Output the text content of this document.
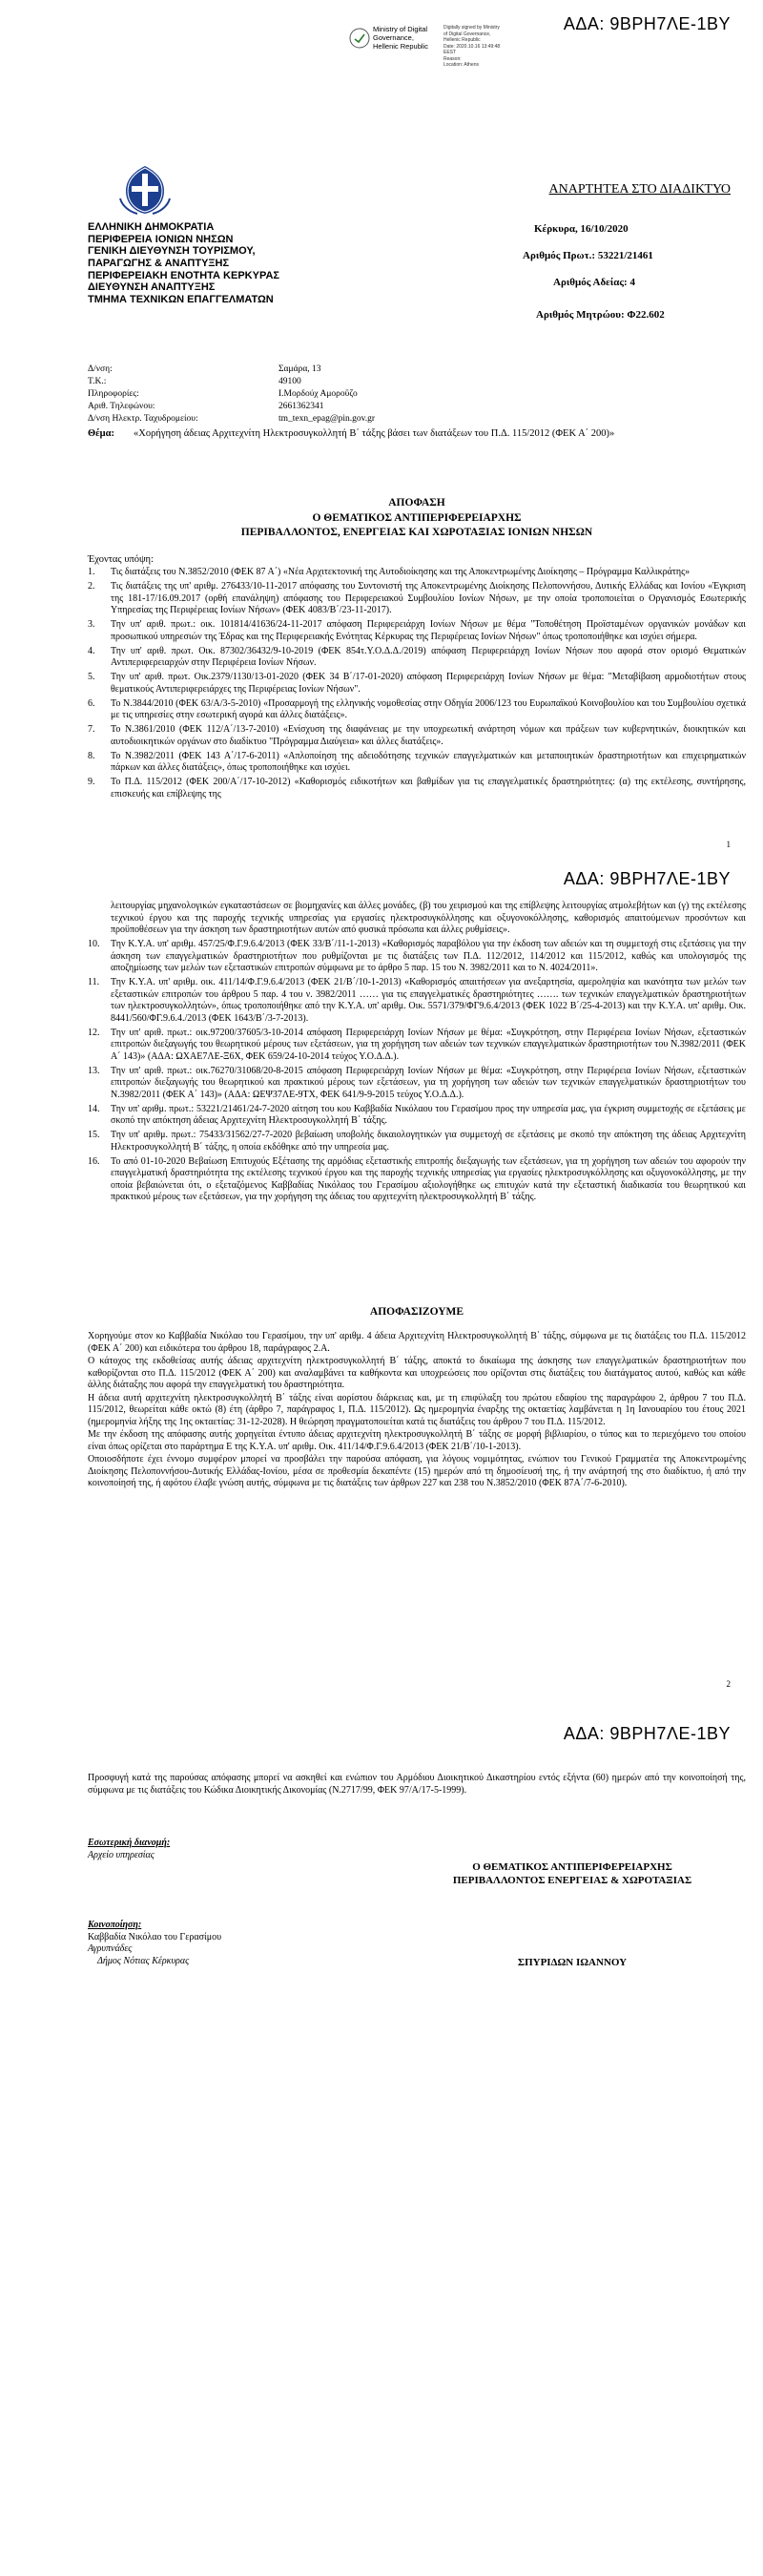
ΑΔΑ: 9ΒΡΗ7ΛΕ-1ΒΥ
Ministry of Digital
Governance,
Hellenic Republic
Digitally signed by Ministry
of Digital Governance,
Hellenic Republic
Date: 2020.10.16 13:49:48
EEST
Reason:
Location: Athens
ΑΝΑΡΤΗΤΕΑ ΣΤΟ ΔΙΑΔΙΚΤΥΟ
ΕΛΛΗΝΙΚΗ ΔΗΜΟΚΡΑΤΙΑ
ΠΕΡΙΦΕΡΕΙΑ ΙΟΝΙΩΝ ΝΗΣΩΝ
ΓΕΝΙΚΗ ΔΙΕΥΘΥΝΣΗ ΤΟΥΡΙΣΜΟΥ,
ΠΑΡΑΓΩΓΗΣ & ΑΝΑΠΤΥΞΗΣ
ΠΕΡΙΦΕΡΕΙΑΚΗ ΕΝΟΤΗΤΑ ΚΕΡΚΥΡΑΣ
ΔΙΕΥΘΥΝΣΗ ΑΝΑΠΤΥΞΗΣ
ΤΜΗΜΑ ΤΕΧΝΙΚΩΝ ΕΠΑΓΓΕΛΜΑΤΩΝ
Κέρκυρα, 16/10/2020
Αριθμός Πρωτ.: 53221/21461
Αριθμός Αδείας: 4
Αριθμός Μητρώου: Φ22.602
Δ/νση:	Σαμάρα, 13
Τ.Κ.:	49100
Πληροφορίες:	Ι.Μορδούχ Αμοροΰζο
Αριθ. Τηλεφώνου:	2661362341
Δ/νση Ηλεκτρ. Ταχυδρομείου:	tm_texn_epag@pin.gov.gr
Θέμα: «Χορήγηση άδειας Αρχιτεχνίτη Ηλεκτροσυγκολλητή Β΄ τάξης βάσει των διατάξεων του Π.Δ. 115/2012 (ΦΕΚ Α΄ 200)»
ΑΠΟΦΑΣΗ
Ο ΘΕΜΑΤΙΚΟΣ ΑΝΤΙΠΕΡΙΦΕΡΕΙΑΡΧΗΣ
ΠΕΡΙΒΑΛΛΟΝΤΟΣ, ΕΝΕΡΓΕΙΑΣ ΚΑΙ ΧΩΡΟΤΑΞΙΑΣ ΙΟΝΙΩΝ ΝΗΣΩΝ
Έχοντας υπόψη:
1. Τις διατάξεις του Ν.3852/2010 (ΦΕΚ 87 Α΄) «Νέα Αρχιτεκτονική της Αυτοδιοίκησης και της Αποκεντρωμένης Διοίκησης – Πρόγραμμα Καλλικράτης»
2. Τις διατάξεις της υπ' αριθμ. 276433/10-11-2017 απόφασης του Συντονιστή της Αποκεντρωμένης Διοίκησης Πελοποννήσου, Δυτικής Ελλάδας και Ιονίου «Έγκριση της 181-17/16.09.2017 (ορθή επανάληψη) απόφασης του Περιφερειακού Συμβουλίου Ιονίων Νήσων, με την οποία τροποποιείται ο Οργανισμός Εσωτερικής Υπηρεσίας της Περιφέρειας Ιονίων Νήσων» (ΦΕΚ 4083/Β΄/23-11-2017).
3. Την υπ' αριθ. πρωτ.: οικ. 101814/41636/24-11-2017 απόφαση Περιφερειάρχη Ιονίων Νήσων με θέμα "Τοποθέτηση Προϊσταμένων οργανικών μονάδων και προσωπικού υπηρεσιών της Έδρας και της Περιφερειακής Ενότητας Κέρκυρας της Περιφέρειας Ιονίων Νήσων" όπως τροποποιήθηκε και ισχύει σήμερα.
4. Την υπ' αριθ. πρωτ. Οικ. 87302/36432/9-10-2019 (ΦΕΚ 854τ.Υ.Ο.Δ.Δ./2019) απόφαση Περιφερειάρχη Ιονίων Νήσων που αφορά στον ορισμό Θεματικών Αντιπεριφερειαρχών στην Περιφέρεια Ιονίων Νήσων.
5. Την υπ' αριθ. πρωτ. Οικ.2379/1130/13-01-2020 (ΦΕΚ 34 Β΄/17-01-2020) απόφαση Περιφερειάρχη Ιονίων Νήσων με θέμα: "Μεταβίβαση αρμοδιοτήτων στους θεματικούς Αντιπεριφερειάρχες της Περιφέρειας Ιονίων Νήσων".
6. Το Ν.3844/2010 (ΦΕΚ 63/Α/3-5-2010) «Προσαρμογή της ελληνικής νομοθεσίας στην Οδηγία 2006/123 του Ευρωπαϊκού Κοινοβουλίου και του Συμβουλίου σχετικά με τις υπηρεσίες στην εσωτερική αγορά και άλλες διατάξεις».
7. Το Ν.3861/2010 (ΦΕΚ 112/Α΄/13-7-2010) «Ενίσχυση της διαφάνειας με την υποχρεωτική ανάρτηση νόμων και πράξεων των κυβερνητικών, διοικητικών και αυτοδιοικητικών οργάνων στο διαδίκτυο "Πρόγραμμα Διαύγεια» και άλλες διατάξεις».
8. Το Ν.3982/2011 (ΦΕΚ 143 Α΄/17-6-2011) «Απλοποίηση της αδειοδότησης τεχνικών επαγγελματικών και μεταποιητικών δραστηριοτήτων και επιχειρηματικών πάρκων και άλλες διατάξεις», όπως τροποποιήθηκε και ισχύει.
9. Το Π.Δ. 115/2012 (ΦΕΚ 200/Α΄/17-10-2012) «Καθορισμός ειδικοτήτων και βαθμίδων για τις επαγγελματικές δραστηριότητες: (α) της εκτέλεσης, συντήρησης, επισκευής και επίβλεψης της
1
ΑΔΑ: 9ΒΡΗ7ΛΕ-1ΒΥ
λειτουργίας μηχανολογικών εγκαταστάσεων σε βιομηχανίες και άλλες μονάδες, (β) του χειρισμού και της επίβλεψης λειτουργίας ατμολεβήτων και (γ) της εκτέλεσης τεχνικού έργου και της παροχής τεχνικής υπηρεσίας για εργασίες ηλεκτροσυγκόλλησης και οξυγονοκόλλησης, καθορισμός απαιτούμενων προσόντων και προϋποθέσεων για την άσκηση των δραστηριοτήτων αυτών από φυσικά πρόσωπα και άλλες ρυθμίσεις».
10. Την Κ.Υ.Α. υπ' αριθμ. 457/25/Φ.Γ.9.6.4/2013 (ΦΕΚ 33/Β΄/11-1-2013) «Καθορισμός παραβόλου για την έκδοση των αδειών και τη συμμετοχή στις εξετάσεις για την άσκηση των επαγγελματικών δραστηριοτήτων που ρυθμίζονται με τις διατάξεις των Π.Δ. 112/2012, 114/2012 και 115/2012, καθώς και υπολογισμός της αποζημίωσης των μελών των εξεταστικών επιτροπών σύμφωνα με το άρθρο 5 παρ. 15 του Ν. 3982/2011 και το Ν. 4024/2011».
11. Την Κ.Υ.Α. υπ' αριθμ. οικ. 411/14/Φ.Γ.9.6.4/2013 (ΦΕΚ 21/Β΄/10-1-2013) «Καθορισμός απαιτήσεων για ανεξαρτησία, αμεροληψία και ικανότητα των μελών των εξεταστικών επιτροπών του άρθρου 5 παρ. 4 του ν. 3982/2011 …… για τις επαγγελματικές δραστηριότητες ……. των τεχνικών επαγγελματικών δραστηριοτήτων των ηλεκτροσυγκολλητών», όπως τροποποιήθηκε από την Κ.Υ.Α. υπ' αριθμ. Οικ. 5571/379/ΦΓ9.6.4/2013 (ΦΕΚ 1022 Β΄/25-4-2013) και την Κ.Υ.Α. υπ' αριθμ. Οικ. 8441/560/ΦΓ.9.6.4./2013 (ΦΕΚ 1643/Β΄/3-7-2013).
12. Την υπ' αριθ. πρωτ.: οικ.97200/37605/3-10-2014 απόφαση Περιφερειάρχη Ιονίων Νήσων με θέμα: «Συγκρότηση, στην Περιφέρεια Ιονίων Νήσων, εξεταστικών επιτροπών διεξαγωγής του θεωρητικού μέρους των εξετάσεων, για τη χορήγηση των αδειών των τεχνικών επαγγελματικών δραστηριοτήτων του Ν.3982/2011 (ΦΕΚ Α΄ 143)» (ΑΔΑ: ΩΧΑΕ7ΛΕ-Ξ6Χ, ΦΕΚ 659/24-10-2014 τεύχος Υ.Ο.Δ.Δ.).
13. Την υπ' αριθ. πρωτ.: οικ.76270/31068/20-8-2015 απόφαση Περιφερειάρχη Ιονίων Νήσων με θέμα: «Συγκρότηση, στην Περιφέρεια Ιονίων Νήσων, εξεταστικών επιτροπών διεξαγωγής του θεωρητικού και πρακτικού μέρους των εξετάσεων, για τη χορήγηση των αδειών των τεχνικών επαγγελματικών δραστηριοτήτων του Ν.3982/2011 (ΦΕΚ Α΄ 143)» (ΑΔΑ: ΩΕΨ37ΛΕ-9ΤΧ, ΦΕΚ 641/9-9-2015 τεύχος Υ.Ο.Δ.Δ.).
14. Την υπ' αριθμ. πρωτ.: 53221/21461/24-7-2020 αίτηση του κου Καββαδία Νικόλαου του Γερασίμου προς την υπηρεσία μας, για έγκριση συμμετοχής σε εξετάσεις με σκοπό την απόκτηση άδειας Αρχιτεχνίτη Ηλεκτροσυγκολλητή Β΄ τάξης.
15. Την υπ' αριθμ. πρωτ.: 75433/31562/27-7-2020 βεβαίωση υποβολής δικαιολογητικών για συμμετοχή σε εξετάσεις με σκοπό την απόκτηση της άδειας Αρχιτεχνίτη Ηλεκτροσυγκολλητή Β΄ τάξης, η οποία εκδόθηκε από την υπηρεσία μας.
16. Το από 01-10-2020 Βεβαίωση Επιτυχούς Εξέτασης της αρμόδιας εξεταστικής επιτροπής διεξαγωγής των εξετάσεων, για τη χορήγηση των αδειών του αφορούν την επαγγελματική δραστηριότητα της εκτέλεσης τεχνικού έργου και της παροχής τεχνικής υπηρεσίας για εργασίες ηλεκτροσυγκόλλησης και οξυγονοκόλλησης, με την οποία βεβαιώνεται ότι, ο εξεταζόμενος Καββαδίας Νικόλαος του Γερασίμου αξιολογήθηκε ως επιτυχών κατά την εξεταστική διαδικασία του θεωρητικού και πρακτικού μέρους των εξετάσεων, για την χορήγηση της άδειας του αρχιτεχνίτη ηλεκτροσυγκολλητή Β΄ τάξης.
ΑΠΟΦΑΣΙΖΟΥΜΕ

Χορηγούμε στον κο Καββαδία Νικόλαο του Γερασίμου, την υπ' αριθμ. 4 άδεια Αρχιτεχνίτη Ηλεκτροσυγκολλητή Β΄ τάξης, σύμφωνα με τις διατάξεις του Π.Δ. 115/2012 (ΦΕΚ Α΄ 200) και ειδικότερα του άρθρου 18, παράγραφος 2.Α.

Ο κάτοχος της εκδοθείσας αυτής άδειας αρχιτεχνίτη ηλεκτροσυγκολλητή Β΄ τάξης, αποκτά το δικαίωμα της άσκησης των επαγγελματικών δραστηριοτήτων που καθορίζονται στο Π.Δ. 115/2012 (ΦΕΚ Α΄ 200) και αναλαμβάνει τα καθήκοντα και υποχρεώσεις που ορίζονται στις διατάξεις του διατάγματος αυτού, καθώς και κάθε άλλης διάταξης που αφορά την επαγγελματική του δραστηριότητα.

Η άδεια αυτή αρχιτεχνίτη ηλεκτροσυγκολλητή Β΄ τάξης είναι αορίστου διάρκειας και, με τη επιφύλαξη του πρώτου εδαφίου της παραγράφου 2, άρθρου 7 του Π.Δ. 115/2012, θεωρείται κάθε οκτώ (8) έτη (άρθρο 7, παράγραφος 1, Π.Δ. 115/2012). Ως ημερομηνία έναρξης της οκταετίας λαμβάνεται η 1η Ιανουαρίου του έτους 2021 (ημερομηνία λήξης της 1ης οκταετίας: 31-12-2028). Η θεώρηση πραγματοποιείται κατά τις διατάξεις του άρθρου 7 του Π.Δ. 115/2012.

Με την έκδοση της απόφασης αυτής χορηγείται έντυπο άδειας αρχιτεχνίτη ηλεκτροσυγκολλητή Β΄ τάξης σε μορφή βιβλιαρίου, ο τύπος και το περιεχόμενο του οποίου είναι όπως ορίζεται στο παράρτημα Ε της Κ.Υ.Α. υπ' αριθμ. Οικ. 411/14/Φ.Γ.9.6.4/2013 (ΦΕΚ 21/Β΄/10-1-2013).

Οποιοσδήποτε έχει έννομο συμφέρον μπορεί να προσβάλει την παρούσα απόφαση, για λόγους νομιμότητας, ενώπιον του Γενικού Γραμματέα της Αποκεντρωμένης Διοίκησης Πελοποννήσου-Δυτικής Ελλάδας-Ιονίου, μέσα σε προθεσμία δεκαπέντε (15) ημερών από τη δημοσίευσή της, ή την ανάρτησή της στο διαδίκτυο, ή από την κοινοποίησή της, ή αφότου έλαβε γνώση αυτής, σύμφωνα με τις διατάξεις των άρθρων 227 και 238 του Ν.3852/2010 (ΦΕΚ 87Α΄/7-6-2010).

2
ΑΔΑ: 9ΒΡΗ7ΛΕ-1ΒΥ
Προσφυγή κατά της παρούσας απόφασης μπορεί να ασκηθεί και ενώπιον του Αρμόδιου Διοικητικού Δικαστηρίου εντός εξήντα (60) ημερών από την κοινοποίησή της, σύμφωνα με τις διατάξεις του Κώδικα Διοικητικής Δικονομίας (Ν.2717/99, ΦΕΚ 97/Α/17-5-1999).
Εσωτερική διανομή:
Αρχείο υπηρεσίας
Ο ΘΕΜΑΤΙΚΟΣ ΑΝΤΙΠΕΡΙΦΕΡΕΙΑΡΧΗΣ
ΠΕΡΙΒΑΛΛΟΝΤΟΣ ΕΝΕΡΓΕΙΑΣ & ΧΩΡΟΤΑΞΙΑΣ
Κοινοποίηση:
Καββαδία Νικόλαο του Γερασίμου
Αγρυπνάδες
Δήμος Νότιας Κέρκυρας	ΣΠΥΡΙΔΩΝ ΙΩΑΝΝΟΥ
